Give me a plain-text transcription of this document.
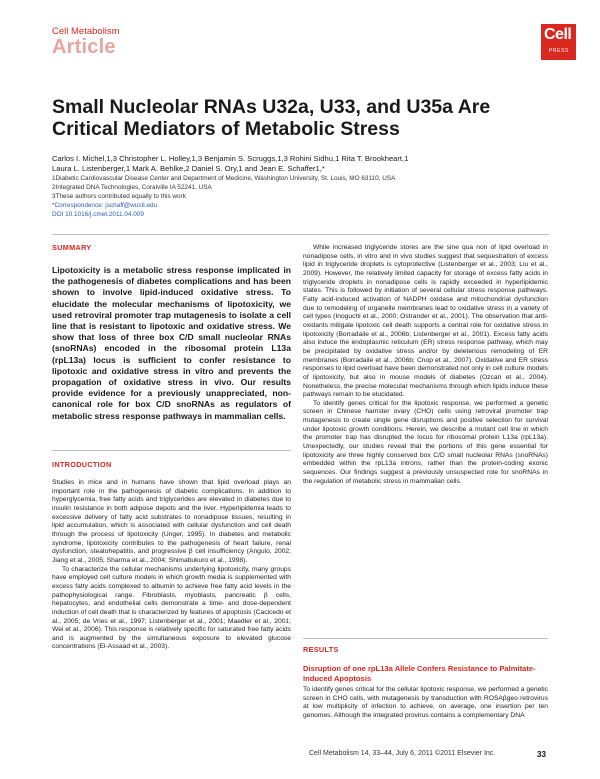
Cell Metabolism
Article
Cell
PRESS
Small Nucleolar RNAs U32a, U33, and U35a Are Critical Mediators of Metabolic Stress
Carlos I. Michel,1,3 Christopher L. Holley,1,3 Benjamin S. Scruggs,1,3 Rohini Sidhu,1 Rita T. Brookheart,1
Laura L. Listenberger,1 Mark A. Behlke,2 Daniel S. Ory,1 and Jean E. Schaffer1,*
1Diabetic Cardiovascular Disease Center and Department of Medicine, Washington University, St. Louis, MO 63110, USA
2Integrated DNA Technologies, Coralville IA 52241, USA
3These authors contributed equally to this work
*Correspondence: jschaff@wustl.edu
DOI 10.1016/j.cmet.2011.04.009
SUMMARY
Lipotoxicity is a metabolic stress response implicated in the pathogenesis of diabetes complications and has been shown to involve lipid-induced oxidative stress. To elucidate the molecular mechanisms of lipotoxicity, we used retroviral promoter trap mutagenesis to isolate a cell line that is resistant to lipotoxic and oxidative stress. We show that loss of three box C/D small nucleolar RNAs (snoRNAs) encoded in the ribosomal protein L13a (rpL13a) locus is sufficient to confer resistance to lipotoxic and oxidative stress in vitro and prevents the propagation of oxidative stress in vivo. Our results provide evidence for a previously unappreciated, non-canonical role for box C/D snoRNAs as regulators of metabolic stress response pathways in mammalian cells.
INTRODUCTION

Studies in mice and in humans have shown that lipid overload plays an important role in the pathogenesis of diabetic complications. In addition to hyperglycemia, free fatty acids and triglycerides are elevated in diabetes due to insulin resistance in both adipose depots and the liver. Hyperlipidemia leads to excessive delivery of fatty acid substrates to nonadipose tissues, resulting in lipid accumulation, which is associated with cellular dysfunction and cell death through the process of lipotoxicity (Unger, 1995). In diabetes and metabolic syndrome, lipotoxicity contributes to the pathogenesis of heart failure, renal dysfunction, steatohepatitis, and progressive β cell insufficiency (Angulo, 2002; Jiang et al., 2005; Sharma et al., 2004; Shimabukuro et al., 1998).

To characterize the cellular mechanisms underlying lipotoxicity, many groups have employed cell culture models in which growth media is supplemented with excess fatty acids complexed to albumin to achieve free fatty acid levels in the pathophysiological range. Fibroblasts, myoblasts, pancreatic β cells, hepatocytes, and endothelial cells demonstrate a time- and dose-dependent induction of cell death that is characterized by features of apoptosis (Cacicedo et al., 2005; de Vries et al., 1997; Listenberger et al., 2001; Maedler et al., 2001; Wei et al., 2006). This response is relatively specific for saturated free fatty acids and is augmented by the simultaneous exposure to elevated glucose concentrations (El-Assaad et al., 2003).

While increased triglyceride stores are the sine qua non of lipid overload in nonadipose cells, in vitro and in vivo studies suggest that sequestration of excess lipid in triglyceride droplets is cytoprotective (Listenberger et al., 2003; Liu et al., 2009). However, the relatively limited capacity for storage of excess fatty acids in triglyceride droplets in nonadipose cells is rapidly exceeded in hyperlipidemic states. This is followed by initiation of several cellular stress response pathways. Fatty acid-induced activation of NADPH oxidase and mitochondrial dysfunction due to remodeling of organelle membranes lead to oxidative stress in a variety of cell types (Inoguchi et al., 2000; Ostrander et al., 2001). The observation that anti-oxidants mitigate lipotoxic cell death supports a central role for oxidative stress in lipotoxicity (Borradaile et al., 2006b; Listenberger et al., 2001). Excess fatty acids also induce the endoplasmic reticulum (ER) stress response pathway, which may be precipitated by oxidative stress and/or by deleterious remodeling of ER membranes (Borradaile et al., 2006b; Cnop et al., 2007). Oxidative and ER stress responses to lipid overload have been demonstrated not only in cell culture models of lipotoxicity, but also in mouse models of diabetes (Ozcan et al., 2004). Nonetheless, the precise molecular mechanisms through which lipids induce these pathways remain to be elucidated.

To identify genes critical for the lipotoxic response, we performed a genetic screen in Chinese hamster ovary (CHO) cells using retroviral promoter trap mutagenesis to create single gene disruptions and positive selection for survival under lipotoxic growth conditions. Herein, we describe a mutant cell line in which the promoter trap has disrupted the locus for ribosomal protein L13a (rpL13a). Unexpectedly, our studies reveal that the portions of this gene essential for lipotoxicity are three highly conserved box C/D small nucleolar RNAs (snoRNAs) embedded within the rpL13a introns, rather than the protein-coding exonic sequences. Our findings suggest a previously unsuspected role for snoRNAs in the regulation of metabolic stress in mammalian cells.

RESULTS
Disruption of one rpL13a Allele Confers Resistance to Palmitate-Induced Apoptosis

To identify genes critical for the cellular lipotoxic response, we performed a genetic screen in CHO cells, with mutagenesis by transduction with ROSAβgeo retrovirus at low multiplicity of infection to achieve, on average, one insertion per ten genomes. Although the integrated provirus contains a complementary DNA

Cell Metabolism 14, 33–44, July 6, 2011 ©2011 Elsevier Inc.	33
